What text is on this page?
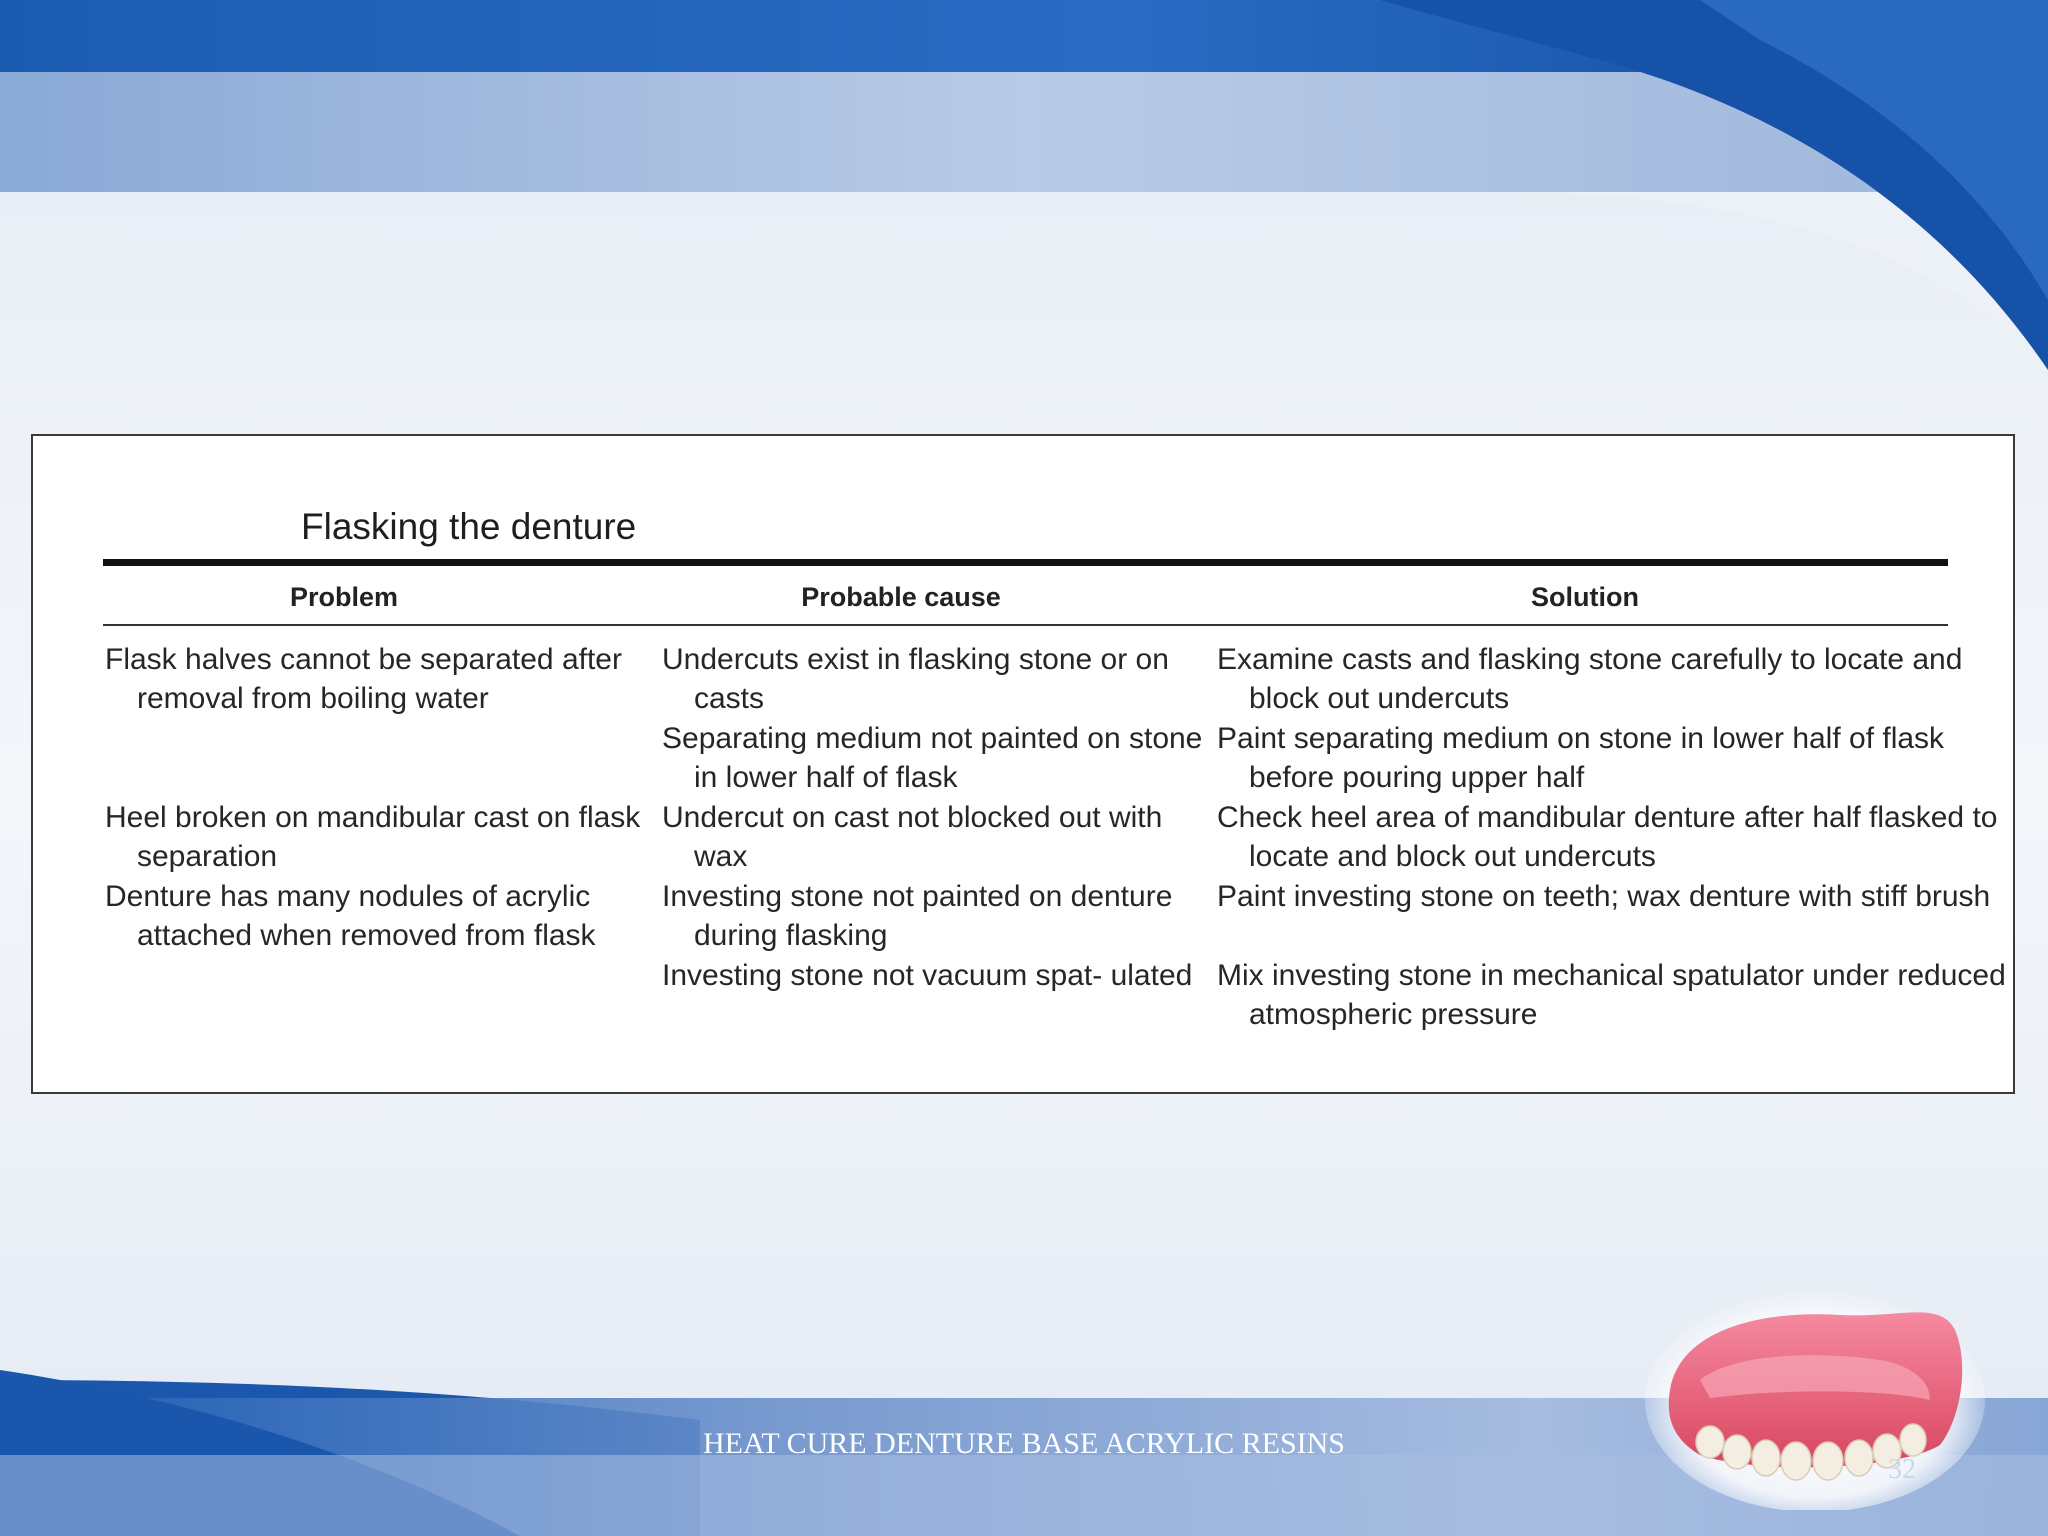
Flasking the denture
Problem	Probable cause	Solution
Flask halves cannot be separated after removal from boiling water
Undercuts exist in flasking stone or on casts
Separating medium not painted on stone in lower half of flask
Examine casts and flasking stone carefully to locate and block out undercuts
Paint separating medium on stone in lower half of flask before pouring upper half
Heel broken on mandibular cast on flask separation
Undercut on cast not blocked out with wax
Check heel area of mandibular denture after half flasked to locate and block out undercuts
Denture has many nodules of acrylic attached when removed from flask
Investing stone not painted on denture during flasking
Investing stone not vacuum spat- ulated
Paint investing stone on teeth; wax denture with stiff brush
Mix investing stone in mechanical spatulator under reduced atmospheric pressure
HEAT CURE DENTURE BASE ACRYLIC RESINS
32
